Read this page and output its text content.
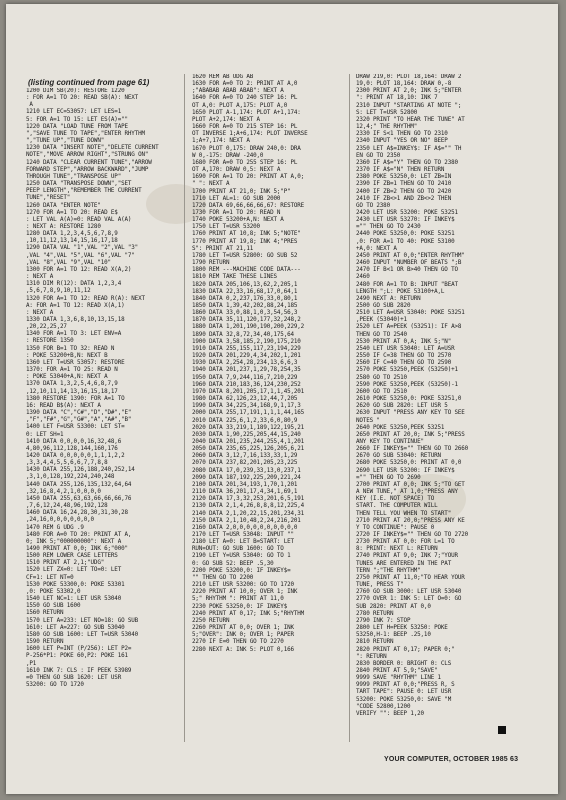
(listing continued from page 61)
1200 DIM SB(20): RESTORE 1220
: FOR A=1 TO 20: READ SB(A): NEXT
A
1210 LET EC=53057: LET LES=1
5: FOR A=1 TO 15: LET ES(A)=""
1220 DATA "LOAD TUNE FROM TAPE
","SAVE TUNE TO TAPE","ENTER RHYTHM
","TUNE UP","TUNE DOWN"
1230 DATA "INSERT NOTE","DELETE CURRENT
NOTE","MOVE ARROW RIGHT","STRUNG ON"
1240 DATA "CLEAR CURRENT TUNE","ARROW
FORWARD STEP","ARROW BACKWARD","JUMP
THROUGH TUNE","TRANSPOSE UP"
1250 DATA "TRANSPOSE DOWN","SET
PEEP LENGTH","REMEMBER THE CURRENT
TUNE","RESET"
1260 DATA "ENTER NOTE"
1270 FOR A=1 TO 20: READ E$
: LET VAL A(A)=0: READ VAL A(A)
: NEXT A: RESTORE 1280
1280 DATA 1,2,3,4,5,6,7,8,9
,10,11,12,13,14,15,16,17,18
1290 DATA VAL "1",VAL "2",VAL "3"
,VAL "4",VAL "5",VAL "6",VAL "7"
,VAL "8",VAL "9",VAL "10"
1300 FOR A=1 TO 12: READ X(A,2)
: NEXT A
1310 DIM R(12): DATA 1,2,3,4
,5,6,7,8,9,10,11,12
1320 FOR A=1 TO 12: READ R(A): NEXT
A: FOR A=1 TO 12: READ X(A,1)
: NEXT A
1330 DATA 1,3,6,8,10,13,15,18
,20,22,25,27
1340 FOR A=1 TO 3: LET ENV=A
: RESTORE 1350
1350 FOR B=1 TO 32: READ N
: POKE 53200+B,N: NEXT B
1360 LET T=USR 53057: RESTORE
1370: FOR A=1 TO 25: READ N
: POKE 53040+A,N: NEXT A
1370 DATA 1,3,2,5,4,6,8,7,9
,12,10,11,14,13,16,15,18,17
1380 RESTORE 1390: FOR A=1 TO
16: READ B$(A): NEXT A
1390 DATA "C","C#","D","D#","E"
,"F","F#","G","G#","A","A#","B"
1400 LET F=USR 53300: LET ST=
0: LET SH=1
1410 DATA 0,0,0,0,16,32,48,6
4,80,96,112,128,144,160,176
1420 DATA 0,0,0,0,0,1,1,1,2,2
,3,3,4,4,5,5,6,6,7,7,8,8
1430 DATA 255,126,188,240,252,14
,3,1,0,128,192,224,240,248
1440 DATA 255,126,135,132,64,64
,32,16,8,4,2,1,0,0,0,0
1450 DATA 255,63,63,66,66,66,76
,7,6,12,24,48,96,192,128
1460 DATA 16,24,28,30,31,30,28
,24,16,0,0,0,0,0,0,0
1470 REM G UDG .9
1480 FOR A=0 TO 20: PRINT AT A,
0; INK 5;"000000000": NEXT A
1490 PRINT AT 0,0; INK 6;"000"
1500 REM LOWER CASE LETTERS
1510 PRINT AT 2,1;"UDG"
1520 LET ZX=0: LET TO=0: LET
CF=1: LET NT=0
1530 POKE 53300,0: POKE 53301
,0: POKE 53302,0
1540 LET NC=1: LET USR 53040
1550 GO SUB 1600
1560 RETURN
1570 LET A=233: LET NO=18: GO SUB
1610: LET A=227: GO SUB 53040
1580 GO SUB 1600: LET T=USR 53040
1590 RETURN
1600 LET P=INT (P/256): LET P2=
P-256*P1: POKE 60,P2: POKE 161
,P1
1610 INK 7: CLS : IF PEEK 53989
=0 THEN GO SUB 1620: LET USR
53200: GO TO 1720
1620 REM AB UDG AB
1630 FOR A=0 TO 2: PRINT AT A,0
;"ABABAB ABAB ABAB": NEXT A
1640 FOR A=0 TO 240 STEP 16: PL
OT A,0: PLOT A,175: PLOT A,0
1650 PLOT A-1,174: PLOT A+1,174:
PLOT A+2,174: NEXT A
1660 FOR A=0 TO 215 STEP 16: PL
OT INVERSE 1;A+6,174: PLOT INVERSE
1;A+7,174: NEXT A
1670 PLOT 0,175: DRAW 240,0: DRA
W 0,-175: DRAW -240,0
1680 FOR A=0 TO 255 STEP 16: PL
OT A,170: DRAW 0,5: NEXT A
1690 FOR A=1 TO 20: PRINT AT A,0;
" ": NEXT A
1700 PRINT AT 21,0; INK 5;"P"
1710 LET AL=1: GO SUB 2000
1720 DATA 69,66,66,66,67: RESTORE
1730 FOR A=1 TO 20: READ N
1740 POKE 53200+A,N: NEXT A
1750 LET T=USR 53200
1760 PRINT AT 10,8; INK 5;"NOTE"
1770 PRINT AT 19,8; INK 4;"PRES
S": PRINT AT 21,11
1780 LET T=USR 52800: GO SUB 52
1790 RETURN
1800 REM ---MACHINE CODE DATA---
1810 REM TAKE THESE LINES
1820 DATA 205,106,13,62,2,205,1
1830 DATA 22,33,16,68,17,0,64,1
1840 DATA 0,2,237,176,33,0,80,1
1850 DATA 1,39,42,202,88,24,185
1860 DATA 33,0,88,1,0,3,54,56,3
1870 DATA 35,11,120,177,32,248,2
1880 DATA 1,201,190,190,200,229,2
1890 DATA 32,8,72,34,40,175,64
1900 DATA 3,58,185,2,190,175,210
1910 DATA 255,155,117,23,194,229
1920 DATA 201,229,4,34,202,1,201
1930 DATA 2,254,28,234,13,6,6,3
1940 DATA 201,237,1,29,78,254,35
1950 DATA 7,9,244,116,7,210,229
1960 DATA 210,183,36,124,230,252
1970 DATA 8,201,205,17,1,1,45,201
1980 DATA 62,126,23,12,44,7,205
1990 DATA 34,225,34,168,9,1,17,3
2000 DATA 255,17,191,1,1,1,44,165
2010 DATA 225,6,1,2,33,6,0,80,9
2020 DATA 33,219,1,189,122,195,21
2030 DATA 1,90,225,205,44,15,240
2040 DATA 201,235,244,255,4,1,201
2050 DATA 235,65,225,126,205,6,21
2060 DATA 3,12,7,16,133,33,1,29
2070 DATA 237,82,201,205,23,225
2080 DATA 17,0,239,33,13,0,237,1
2090 DATA 187,192,225,209,221,24
2100 DATA 201,34,193,1,70,1,201
2110 DATA 36,201,17,4,34,1,69,1
2120 DATA 17,3,32,253,201,6,5,191
2130 DATA 2,1,4,26,8,8,8,12,225,4
2140 DATA 2,1,20,22,15,201,234,31
2150 DATA 2,1,10,48,2,24,216,201
2160 DATA 2,0,0,0,0,0,0,0,0,0,0
2170 LET T=USR 53048: INPUT ""
2180 LET A=0: LET B=START: LET
RUN=OUT: GO SUB 1600: GO TO
2190 LET Y=USR 53040: GO TO 1
0: GO SUB 52: BEEP .5,30
2200 POKE 53200,0: IF INKEY$=
"" THEN GO TO 2200
2210 LET USR 53200: GO TO 1720
2220 PRINT AT 10,0; OVER 1; INK
5;" RHYTHM ": PRINT AT 11,0
2230 POKE 53250,0: IF INKEY$
2240 PRINT AT 0,17; INK 5;"RHYTHM
2250 RETURN
2260 PRINT AT 0,0; OVER 1; INK
5;"OVER": INK 0; OVER 1; PAPER
2270 IF E=0 THEN GO TO 2270
2280 NEXT A: INK 5: PLOT 0,166
DRAW 219,0: PLOT 18,164: DRAW 2
19,0: PLOT 18,164: DRAW 0,-8
2300 PRINT AT 2,0; INK 5;"ENTER
": PRINT AT 18,10: INK 7
2310 INPUT "STARTING AT NOTE ";
S: LET T=USR 52800
2320 PRINT "TO HEAR THE TUNE" AT
12,4;" THE RHYTHM"
2330 IF S<1 THEN GO TO 2310
2340 INPUT "YES OR NO" BEEP
2350 LET A$=INKEY$: IF A$="" TH
EN GO TO 2350
2360 IF A$="Y" THEN GO TO 2380
2370 IF A$="N" THEN RETURN
2380 POKE 53250,0: LET ZB=IN
2390 IF ZB=1 THEN GO TO 2410
2400 IF ZB=2 THEN GO TO 2420
2410 IF ZB<>1 AND ZB<>2 THEN
GO TO 2380
2420 LET USR 53200: POKE 53251
2430 LET USR 53270: IF INKEY$
="" THEN GO TO 2430
2440 POKE 53250,0: POKE 53251
,0: FOR A=1 TO 40: POKE 53100
+A,0: NEXT A
2450 PRINT AT 0,0;"ENTER RHYTHM"
2460 INPUT "NUMBER OF BEATS ";B
2470 IF B<1 OR B>40 THEN GO TO
2460
2480 FOR A=1 TO B: INPUT "BEAT
LENGTH ";L: POKE 53100+A,L
2490 NEXT A: RETURN
2500 GO SUB 2820
2510 LET A=USR 53040: POKE 53251
,PEEK (53040)+1
2520 LET A=PEEK (53251): IF A>8
THEN GO TO 2540
2530 PRINT AT 0,A; INK 5;"N"
2540 LET USR 53040: LET A=USR
2550 IF C=38 THEN GO TO 2570
2560 IF C=40 THEN GO TO 2590
2570 POKE 53250,PEEK (53250)+1
2580 GO TO 2510
2590 POKE 53250,PEEK (53250)-1
2600 GO TO 2510
2610 POKE 53250,0: POKE 53251,0
2620 GO SUB 2820: LET USR 5
2630 INPUT "PRESS ANY KEY TO SEE
NOTES "
2640 POKE 53250,PEEK 53251
2650 PRINT AT 20,0; INK 5;"PRESS
ANY KEY TO CONTINUE"
2660 IF INKEY$="" THEN GO TO 2660
2670 GO SUB 53040: RETURN
2680 POKE 53250,0: PRINT AT 0,0
2690 LET USR 53200: IF INKEY$
="" THEN GO TO 2690
2700 PRINT AT 0,0; INK 5;"TO GET
A NEW TUNE," AT 1,0;"PRESS ANY
KEY (I.E. NOT SPACE) TO
START. THE COMPUTER WILL
THEN TELL YOU WHEN TO START"
2710 PRINT AT 20,0;"PRESS ANY KE
Y TO CONTINUE": PAUSE 0
2720 IF INKEY$="" THEN GO TO 2720
2730 PRINT AT 0,0: FOR L=1 TO
8: PRINT: NEXT L: RETURN
2740 PRINT AT 9,0; INK 7;"YOUR
TUNES ARE ENTERED IN THE PAT
TERN ";"THE RHYTHM"
2750 PRINT AT 11,0;"TO HEAR YOUR
TUNE, PRESS T"
2760 GO SUB 3000: LET USR 53040
2770 OVER 1: INK 5: LET O=0: GO
SUB 2820: PRINT AT 0,0
2780 RETURN
2790 INK 7: STOP
2800 LET H=PEEK 53250: POKE
53250,H-1: BEEP .25,10
2810 RETURN
2820 PRINT AT 0,17; PAPER 0;"
": RETURN
2830 BORDER 0: BRIGHT 0: CLS
2840 PRINT AT 5,9;"SAVE"
9999 SAVE "RHYTHM" LINE 1
9999 PRINT AT 0,0;"PRESS R, S
TART TAPE": PAUSE 0: LET USR
53200: POKE 53250,0: SAVE "M
"CODE 52800,1200
VERIFY "": BEEP 1,20
YOUR COMPUTER, OCTOBER 1985 63
